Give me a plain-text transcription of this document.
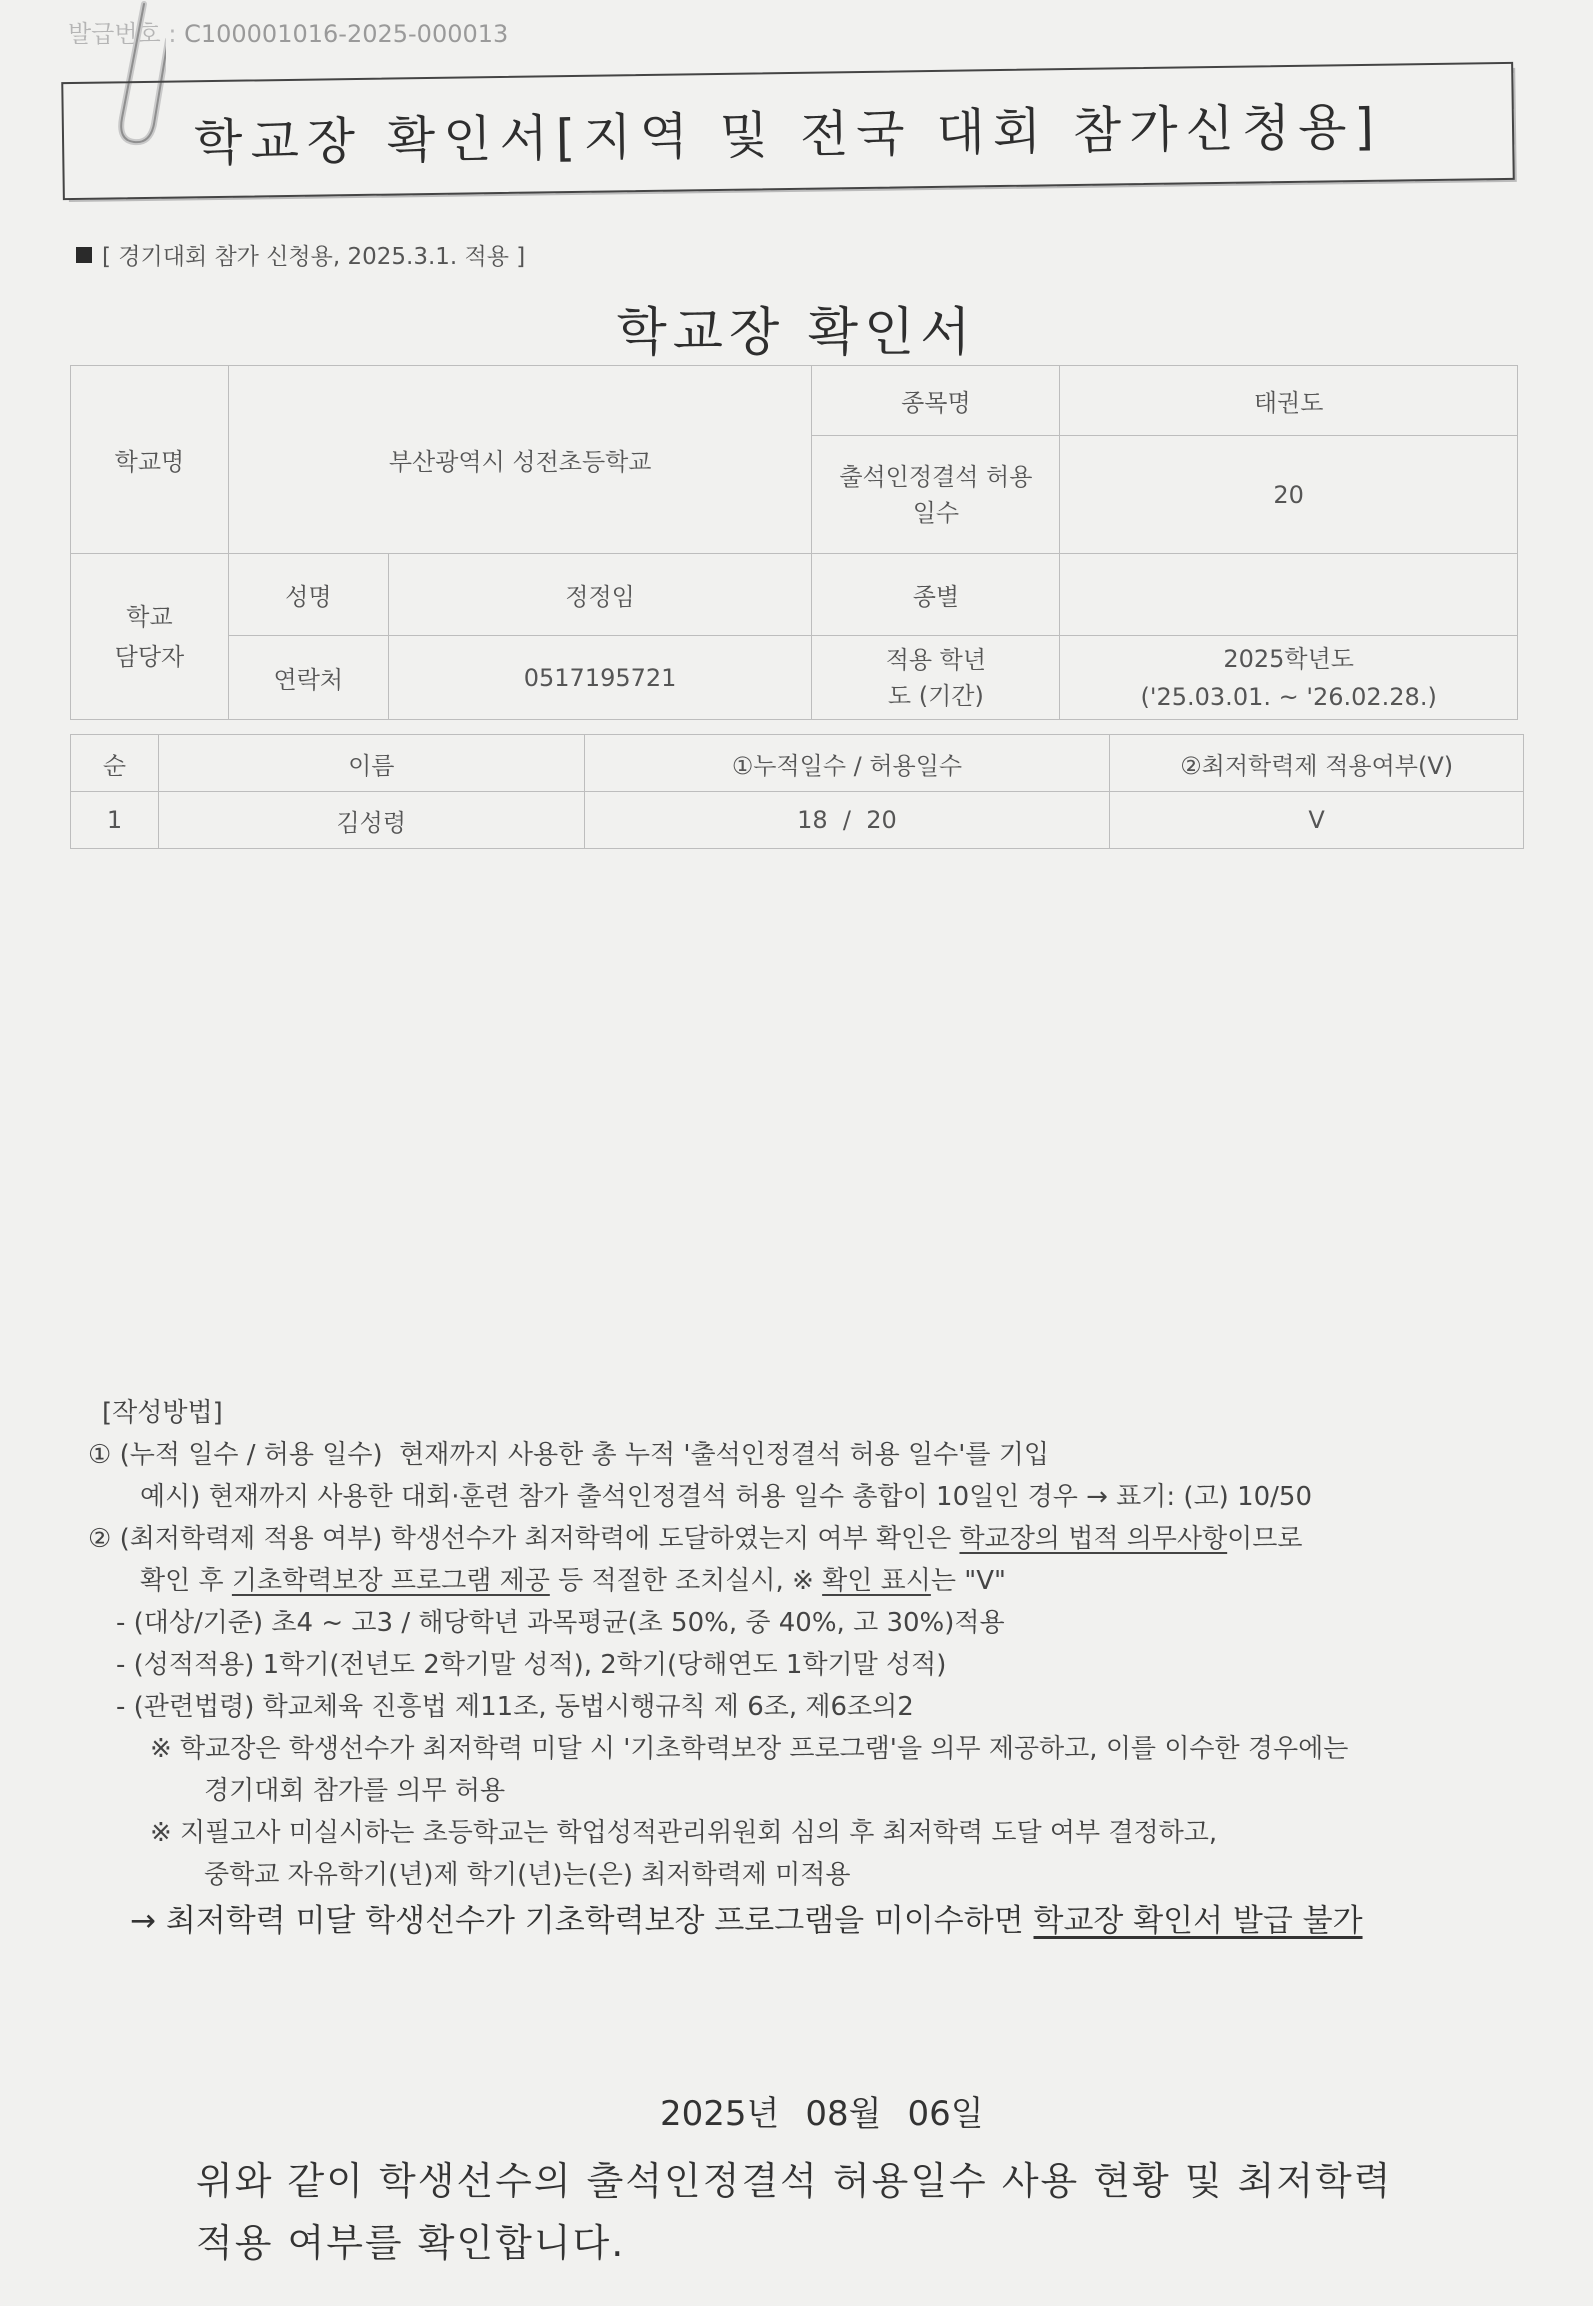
발급번호 : C100001016-2025-000013
학교장 확인서[지역 및 전국 대회 참가신청용]
[ 경기대회 참가 신청용, 2025.3.1. 적용 ]
학교장 확인서
학교명	부산광역시 성전초등학교		종목명	태권도
			출석인정결석 허용일수	20
학교 담당자	성명	정정임	종별	
	연락처	0517195721	적용 학년도 (기간)	2025학년도
('25.03.01. ~ '26.02.28.)
순	이름	①누적일수 / 허용일수	②최저학력제 적용여부(V)
1	김성령	18  /  20	V
[작성방법]
① (누적 일수 / 허용 일수) 현재까지 사용한 총 누적 '출석인정결석 허용 일수'를 기입
예시) 현재까지 사용한 대회·훈련 참가 출석인정결석 허용 일수 총합이 10일인 경우 → 표기: (고) 10/50
② (최저학력제 적용 여부) 학생선수가 최저학력에 도달하였는지 여부 확인은 학교장의 법적 의무사항이므로
확인 후 기초학력보장 프로그램 제공 등 적절한 조치실시, ※ 확인 표시는 "V"
- (대상/기준) 초4 ~ 고3 / 해당학년 과목평균(초 50%, 중 40%, 고 30%)적용
- (성적적용) 1학기(전년도 2학기말 성적), 2학기(당해연도 1학기말 성적)
- (관련법령) 학교체육 진흥법 제11조, 동법시행규칙 제 6조, 제6조의2
※ 학교장은 학생선수가 최저학력 미달 시 '기초학력보장 프로그램'을 의무 제공하고, 이를 이수한 경우에는
경기대회 참가를 의무 허용
※ 지필고사 미실시하는 초등학교는 학업성적관리위원회 심의 후 최저학력 도달 여부 결정하고,
중학교 자유학기(년)제 학기(년)는(은) 최저학력제 미적용
→ 최저학력 미달 학생선수가 기초학력보장 프로그램을 미이수하면 학교장 확인서 발급 불가
2025년 08월 06일
위와 같이 학생선수의 출석인정결석 허용일수 사용 현황 및 최저학력
적용 여부를 확인합니다.
